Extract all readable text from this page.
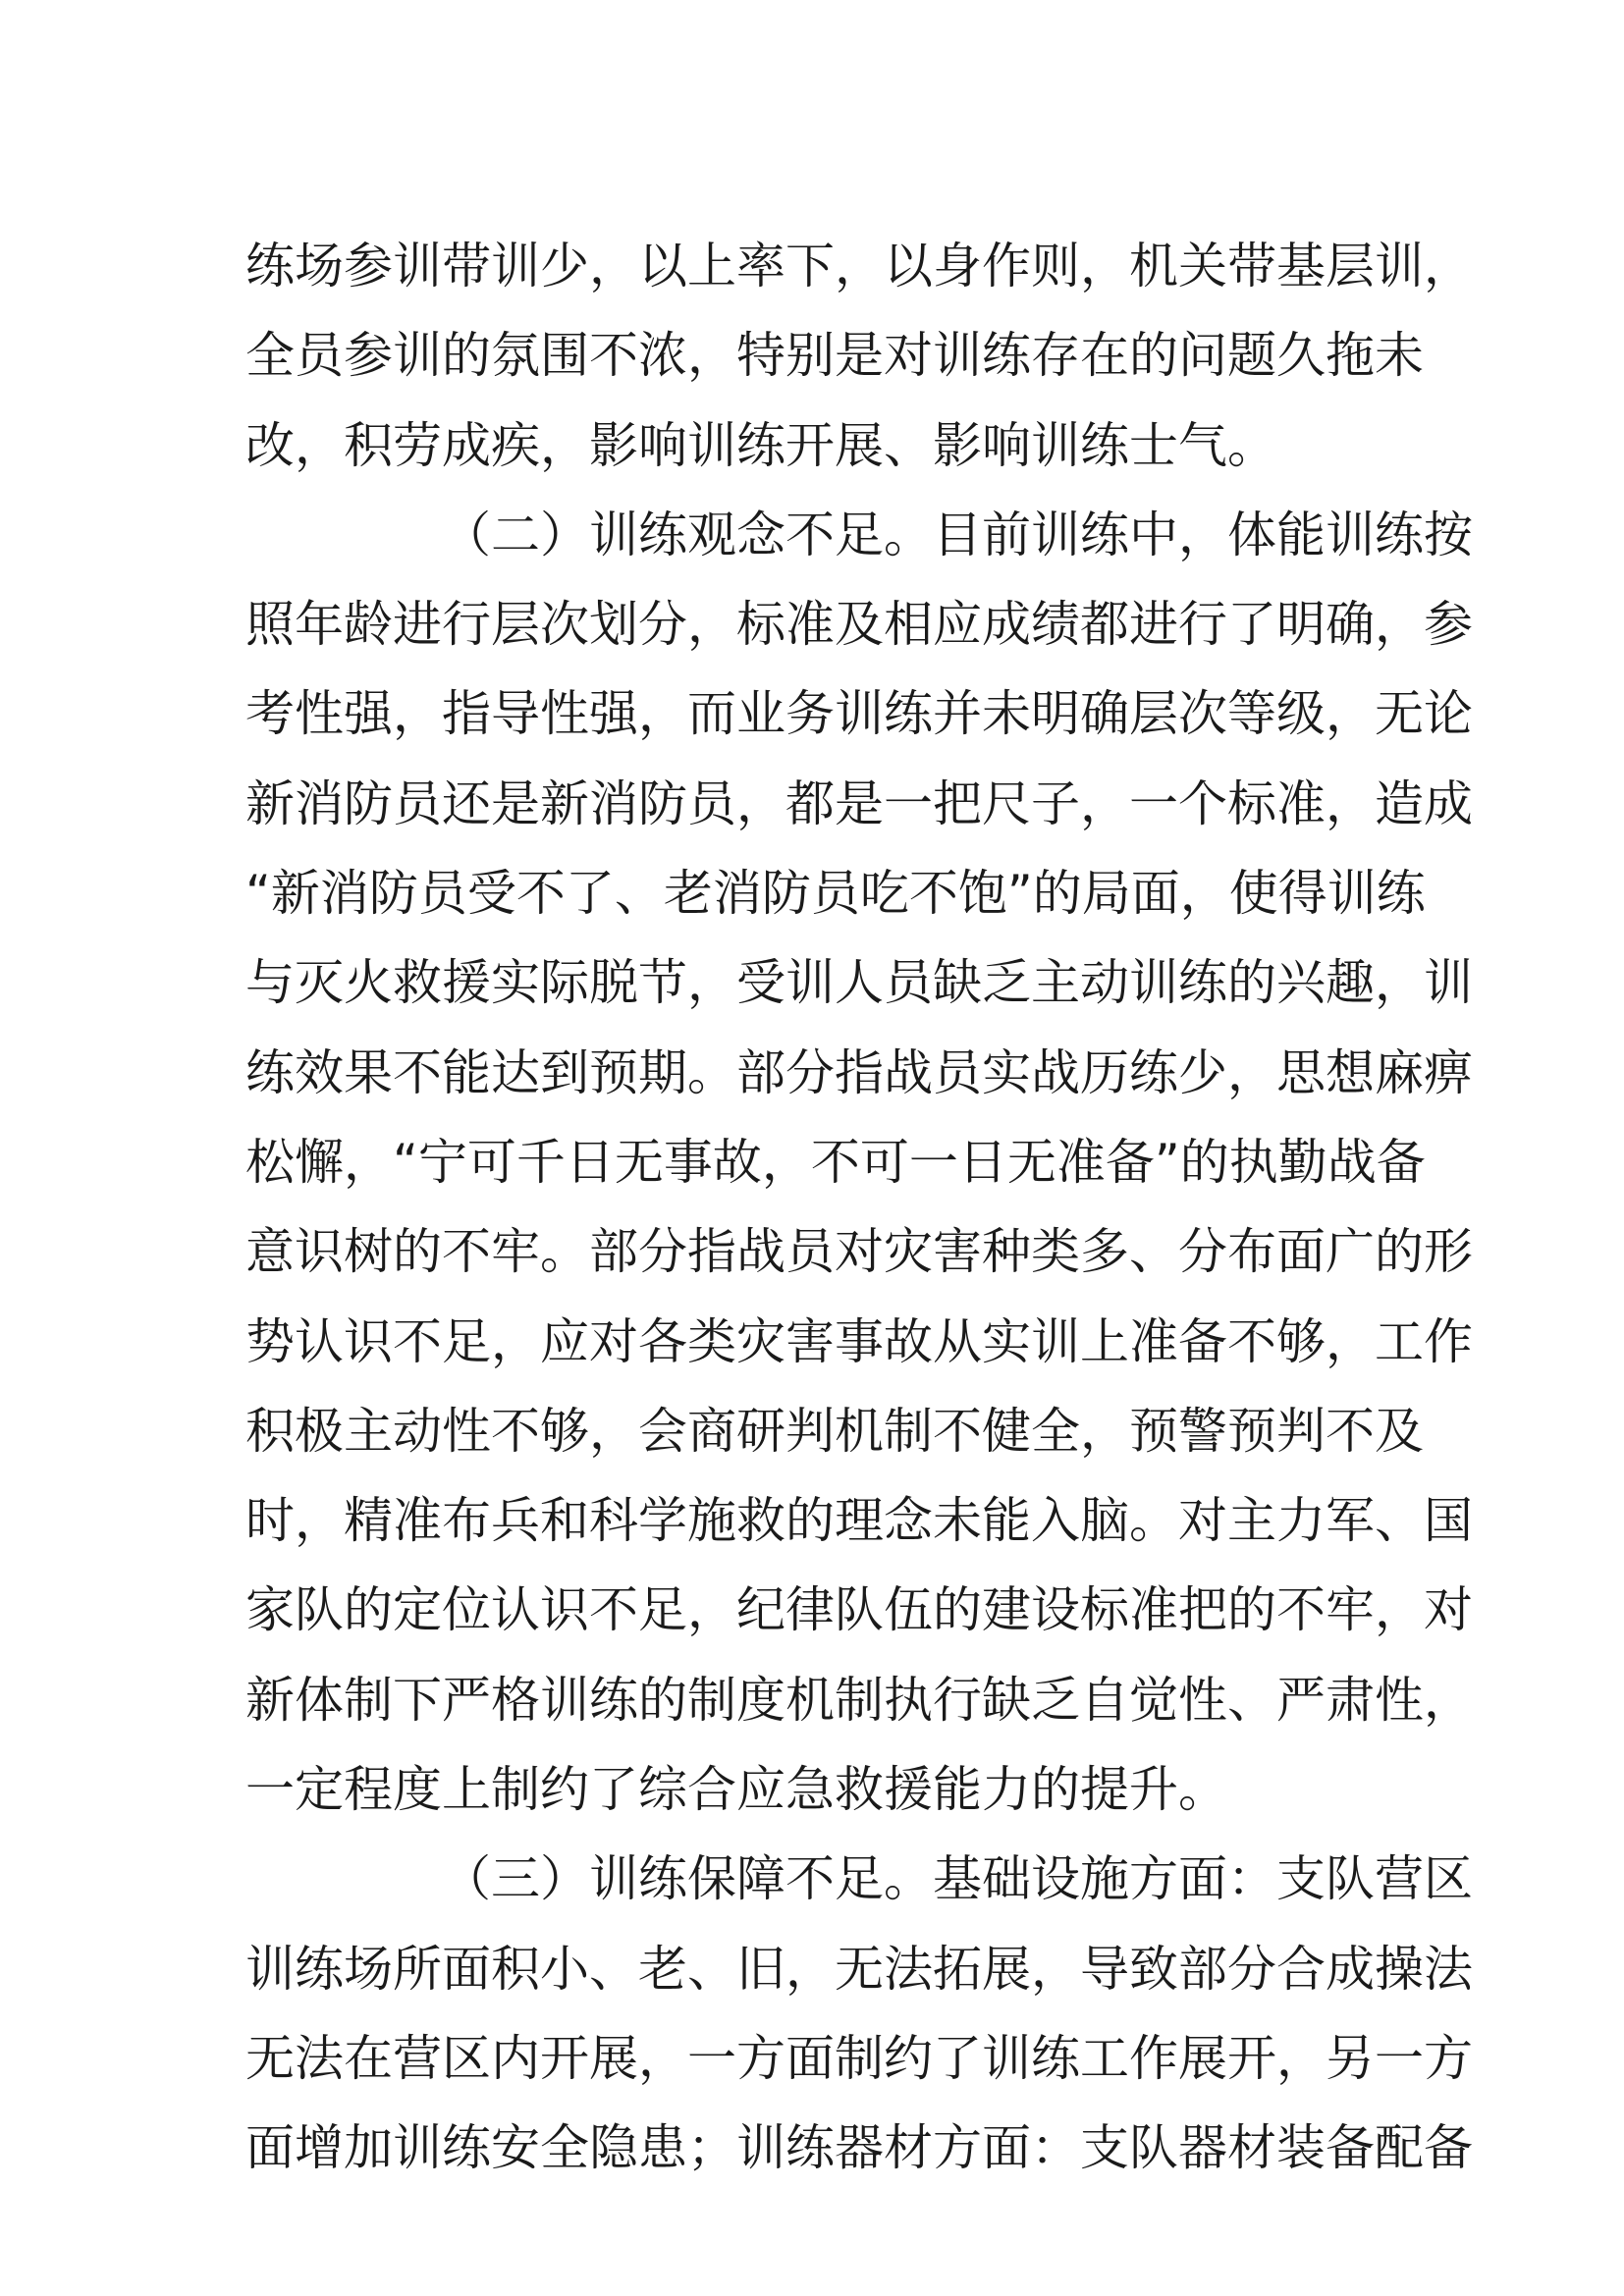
练场参训带训少，以上率下，以身作则，机关带基层训，
全员参训的氛围不浓，特别是对训练存在的问题久拖未
改，积劳成疾，影响训练开展、影响训练士气。
（二）训练观念不足。目前训练中，体能训练按
照年龄进行层次划分，标准及相应成绩都进行了明确，参
考性强，指导性强，而业务训练并未明确层次等级，无论
新消防员还是新消防员，都是一把尺子，一个标准，造成
“新消防员受不了、老消防员吃不饱”的局面，使得训练
与灭火救援实际脱节，受训人员缺乏主动训练的兴趣，训
练效果不能达到预期。部分指战员实战历练少，思想麻痹
松懈，“宁可千日无事故，不可一日无准备”的执勤战备
意识树的不牢。部分指战员对灾害种类多、分布面广的形
势认识不足，应对各类灾害事故从实训上准备不够，工作
积极主动性不够，会商研判机制不健全，预警预判不及
时，精准布兵和科学施救的理念未能入脑。对主力军、国
家队的定位认识不足，纪律队伍的建设标准把的不牢，对
新体制下严格训练的制度机制执行缺乏自觉性、严肃性，
一定程度上制约了综合应急救援能力的提升。
（三）训练保障不足。基础设施方面：支队营区
训练场所面积小、老、旧，无法拓展，导致部分合成操法
无法在营区内开展，一方面制约了训练工作展开，另一方
面增加训练安全隐患；训练器材方面：支队器材装备配备
